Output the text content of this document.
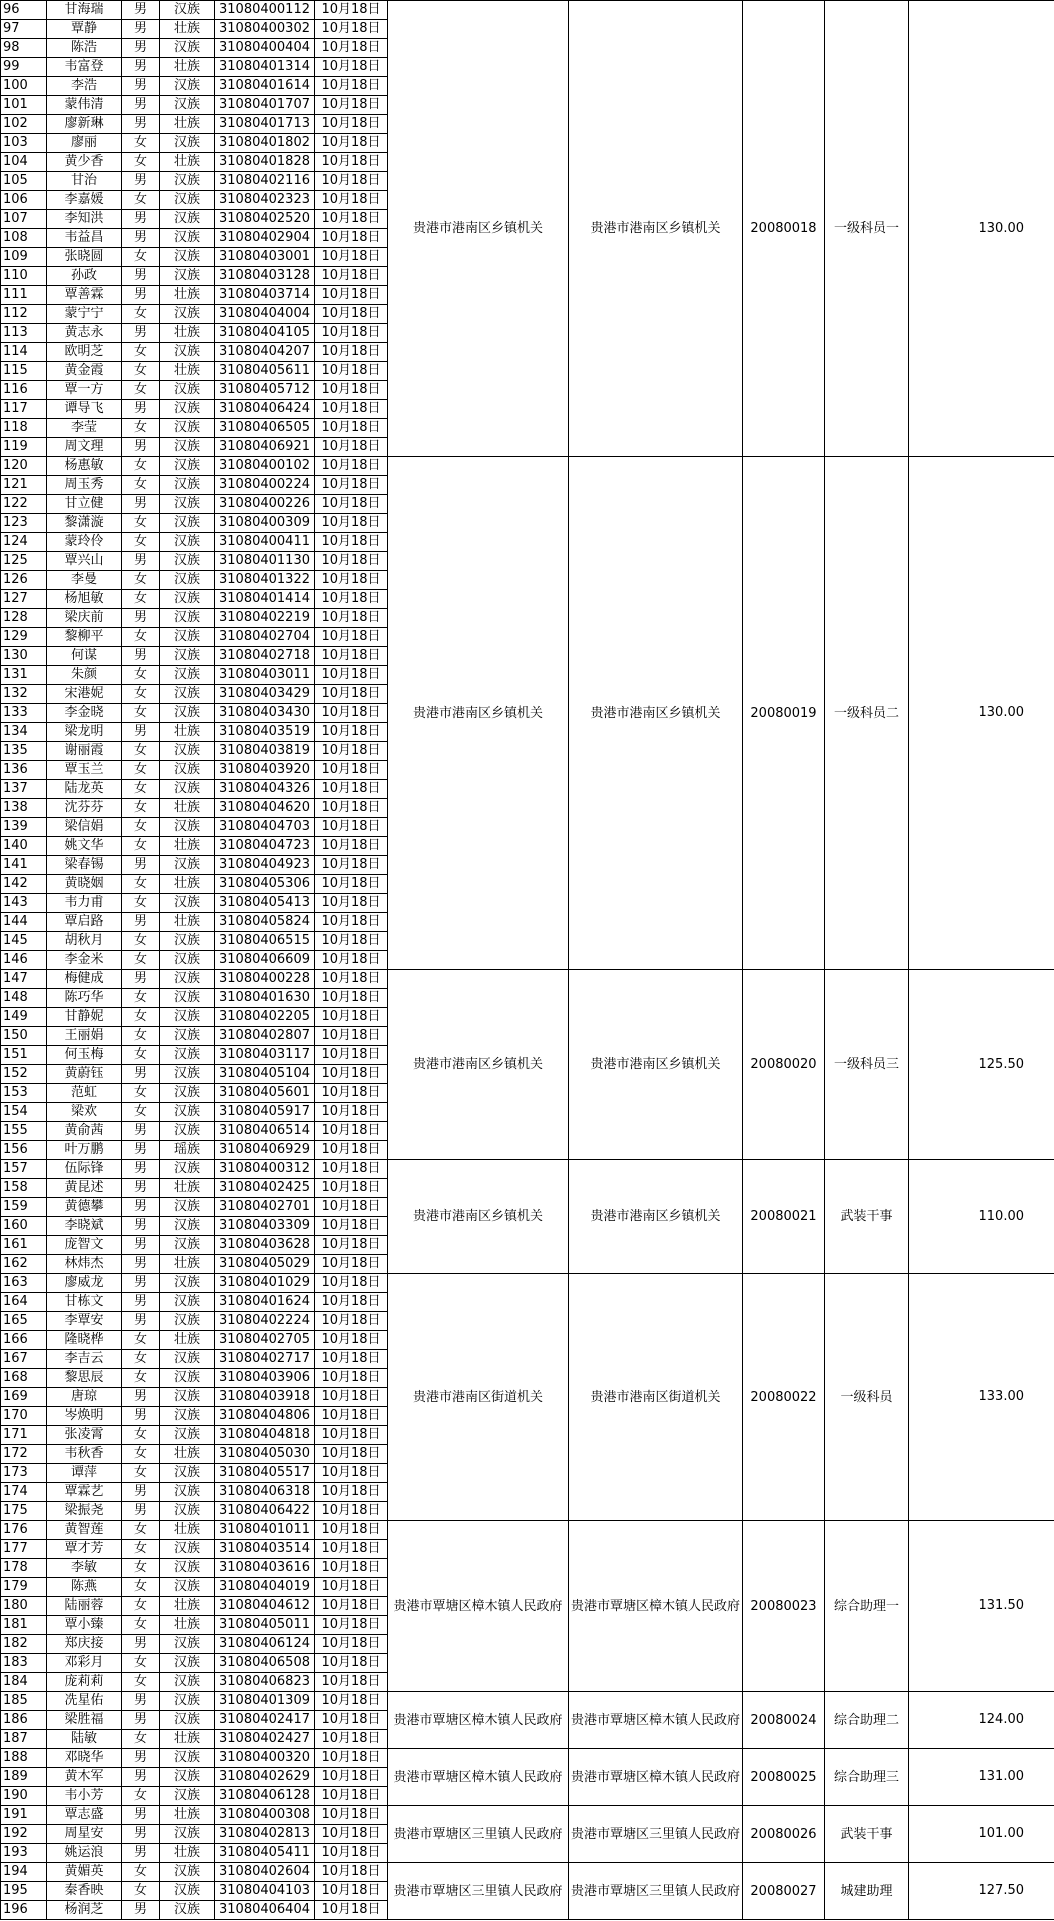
96	甘海瑞	男	汉族	31080400112	10月18日	贵港市港南区乡镇机关	贵港市港南区乡镇机关	20080018	一级科员一	130.00	
97	覃静	男	壮族	31080400302	10月18日						
98	陈浩	男	汉族	31080400404	10月18日						
99	韦富登	男	壮族	31080401314	10月18日						
100	李浩	男	汉族	31080401614	10月18日						
101	蒙伟清	男	汉族	31080401707	10月18日						
102	廖新琳	男	壮族	31080401713	10月18日						
103	廖丽	女	汉族	31080401802	10月18日						
104	黄少香	女	壮族	31080401828	10月18日						
105	甘治	男	汉族	31080402116	10月18日						
106	李嘉媛	女	汉族	31080402323	10月18日						
107	李知洪	男	汉族	31080402520	10月18日						
108	韦益昌	男	汉族	31080402904	10月18日						
109	张晓圆	女	汉族	31080403001	10月18日						
110	孙政	男	汉族	31080403128	10月18日						
111	覃善霖	男	壮族	31080403714	10月18日						
112	蒙宁宁	女	汉族	31080404004	10月18日						
113	黄志永	男	壮族	31080404105	10月18日						
114	欧明芝	女	汉族	31080404207	10月18日						
115	黄金霞	女	壮族	31080405611	10月18日						
116	覃一方	女	汉族	31080405712	10月18日						
117	谭导飞	男	汉族	31080406424	10月18日						
118	李莹	女	汉族	31080406505	10月18日						
119	周文理	男	汉族	31080406921	10月18日						
120	杨惠敏	女	汉族	31080400102	10月18日	贵港市港南区乡镇机关	贵港市港南区乡镇机关	20080019	一级科员二	130.00	
121	周玉秀	女	汉族	31080400224	10月18日						
122	甘立健	男	汉族	31080400226	10月18日						
123	黎潇漩	女	汉族	31080400309	10月18日						
124	蒙玲伶	女	汉族	31080400411	10月18日						
125	覃兴山	男	汉族	31080401130	10月18日						
126	李曼	女	汉族	31080401322	10月18日						
127	杨旭敏	女	汉族	31080401414	10月18日						
128	梁庆前	男	汉族	31080402219	10月18日						
129	黎柳平	女	汉族	31080402704	10月18日						
130	何谋	男	汉族	31080402718	10月18日						
131	朱颜	女	汉族	31080403011	10月18日						
132	宋港妮	女	汉族	31080403429	10月18日						
133	李金晓	女	汉族	31080403430	10月18日						
134	梁龙明	男	壮族	31080403519	10月18日						
135	谢丽霞	女	汉族	31080403819	10月18日						
136	覃玉兰	女	汉族	31080403920	10月18日						
137	陆龙英	女	汉族	31080404326	10月18日						
138	沈芬芬	女	壮族	31080404620	10月18日						
139	梁信娟	女	汉族	31080404703	10月18日						
140	姚文华	女	壮族	31080404723	10月18日						
141	梁春锡	男	汉族	31080404923	10月18日						
142	黄晓姻	女	壮族	31080405306	10月18日						
143	韦力甫	女	汉族	31080405413	10月18日						
144	覃启路	男	壮族	31080405824	10月18日						
145	胡秋月	女	汉族	31080406515	10月18日						
146	李金米	女	汉族	31080406609	10月18日						
147	梅健成	男	汉族	31080400228	10月18日	贵港市港南区乡镇机关	贵港市港南区乡镇机关	20080020	一级科员三	125.50	
148	陈巧华	女	汉族	31080401630	10月18日						
149	甘静妮	女	汉族	31080402205	10月18日						
150	王丽娟	女	汉族	31080402807	10月18日						
151	何玉梅	女	汉族	31080403117	10月18日						
152	黄蔚钰	男	汉族	31080405104	10月18日						
153	范虹	女	汉族	31080405601	10月18日						
154	梁欢	女	汉族	31080405917	10月18日						
155	黄俞茜	男	汉族	31080406514	10月18日						
156	叶万鹏	男	瑶族	31080406929	10月18日						
157	伍际锋	男	汉族	31080400312	10月18日	贵港市港南区乡镇机关	贵港市港南区乡镇机关	20080021	武装干事	110.00	
158	黄昆述	男	壮族	31080402425	10月18日						
159	黄德攀	男	汉族	31080402701	10月18日						
160	李晓斌	男	汉族	31080403309	10月18日						
161	庞智文	男	汉族	31080403628	10月18日						
162	林炜杰	男	壮族	31080405029	10月18日						
163	廖威龙	男	汉族	31080401029	10月18日	贵港市港南区街道机关	贵港市港南区街道机关	20080022	一级科员	133.00	
164	甘栋文	男	汉族	31080401624	10月18日						
165	李覃安	男	汉族	31080402224	10月18日						
166	隆晓桦	女	壮族	31080402705	10月18日						
167	李吉云	女	汉族	31080402717	10月18日						
168	黎思辰	女	汉族	31080403906	10月18日						
169	唐琼	男	汉族	31080403918	10月18日						
170	岑焕明	男	汉族	31080404806	10月18日						
171	张凌霄	女	汉族	31080404818	10月18日						
172	韦秋香	女	壮族	31080405030	10月18日						
173	谭萍	女	汉族	31080405517	10月18日						
174	覃霖艺	男	汉族	31080406318	10月18日						
175	梁振尧	男	汉族	31080406422	10月18日						
176	黄智莲	女	壮族	31080401011	10月18日	贵港市覃塘区樟木镇人民政府	贵港市覃塘区樟木镇人民政府	20080023	综合助理一	131.50	
177	覃才芳	女	汉族	31080403514	10月18日						
178	李敏	女	汉族	31080403616	10月18日						
179	陈燕	女	汉族	31080404019	10月18日						
180	陆丽蓉	女	壮族	31080404612	10月18日						
181	覃小臻	女	壮族	31080405011	10月18日						
182	郑庆接	男	汉族	31080406124	10月18日						
183	邓彩月	女	汉族	31080406508	10月18日						
184	庞莉莉	女	汉族	31080406823	10月18日						
185	冼星佑	男	汉族	31080401309	10月18日	贵港市覃塘区樟木镇人民政府	贵港市覃塘区樟木镇人民政府	20080024	综合助理二	124.00	
186	梁胜福	男	汉族	31080402417	10月18日						
187	陆敏	女	壮族	31080402427	10月18日						
188	邓晓华	男	汉族	31080400320	10月18日	贵港市覃塘区樟木镇人民政府	贵港市覃塘区樟木镇人民政府	20080025	综合助理三	131.00	
189	黄木军	男	汉族	31080402629	10月18日						
190	韦小芳	女	汉族	31080406128	10月18日						
191	覃志盛	男	壮族	31080400308	10月18日	贵港市覃塘区三里镇人民政府	贵港市覃塘区三里镇人民政府	20080026	武装干事	101.00	
192	周星安	男	汉族	31080402813	10月18日						
193	姚运浪	男	壮族	31080405411	10月18日						
194	黄媚英	女	汉族	31080402604	10月18日	贵港市覃塘区三里镇人民政府	贵港市覃塘区三里镇人民政府	20080027	城建助理	127.50	
195	秦香映	女	汉族	31080404103	10月18日						
196	杨润芝	男	汉族	31080406404	10月18日						
